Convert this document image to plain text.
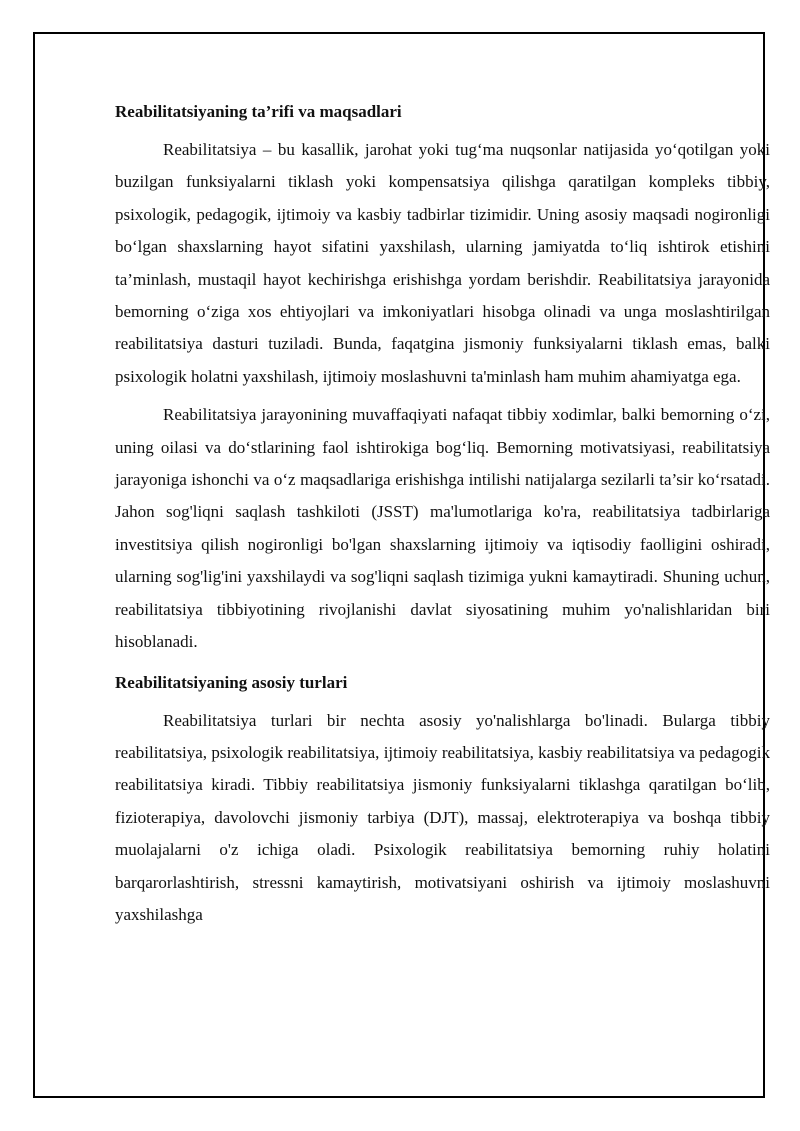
Reabilitatsiyaning ta’rifi va maqsadlari

Reabilitatsiya – bu kasallik, jarohat yoki tug‘ma nuqsonlar natijasida yo‘qotilgan yoki buzilgan funksiyalarni tiklash yoki kompensatsiya qilishga qaratilgan kompleks tibbiy, psixologik, pedagogik, ijtimoiy va kasbiy tadbirlar tizimidir. Uning asosiy maqsadi nogironligi bo‘lgan shaxslarning hayot sifatini yaxshilash, ularning jamiyatda to‘liq ishtirok etishini ta’minlash, mustaqil hayot kechirishga erishishga yordam berishdir. Reabilitatsiya jarayonida bemorning o‘ziga xos ehtiyojlari va imkoniyatlari hisobga olinadi va unga moslashtirilgan reabilitatsiya dasturi tuziladi. Bunda, faqatgina jismoniy funksiyalarni tiklash emas, balki psixologik holatni yaxshilash, ijtimoiy moslashuvni ta'minlash ham muhim ahamiyatga ega.

Reabilitatsiya jarayonining muvaffaqiyati nafaqat tibbiy xodimlar, balki bemorning o‘zi, uning oilasi va do‘stlarining faol ishtirokiga bog‘liq. Bemorning motivatsiyasi, reabilitatsiya jarayoniga ishonchi va o‘z maqsadlariga erishishga intilishi natijalarga sezilarli ta’sir ko‘rsatadi. Jahon sog'liqni saqlash tashkiloti (JSST) ma'lumotlariga ko'ra, reabilitatsiya tadbirlariga investitsiya qilish nogironligi bo'lgan shaxslarning ijtimoiy va iqtisodiy faolligini oshiradi, ularning sog'lig'ini yaxshilaydi va sog'liqni saqlash tizimiga yukni kamaytiradi. Shuning uchun, reabilitatsiya tibbiyotining rivojlanishi davlat siyosatining muhim yo'nalishlaridan biri hisoblanadi.

Reabilitatsiyaning asosiy turlari

Reabilitatsiya turlari bir nechta asosiy yo'nalishlarga bo'linadi. Bularga tibbiy reabilitatsiya, psixologik reabilitatsiya, ijtimoiy reabilitatsiya, kasbiy reabilitatsiya va pedagogik reabilitatsiya kiradi. Tibbiy reabilitatsiya jismoniy funksiyalarni tiklashga qaratilgan bo‘lib, fizioterapiya, davolovchi jismoniy tarbiya (DJT), massaj, elektroterapiya va boshqa tibbiy muolajalarni o'z ichiga oladi. Psixologik reabilitatsiya bemorning ruhiy holatini barqarorlashtirish, stressni kamaytirish, motivatsiyani oshirish va ijtimoiy moslashuvni yaxshilashga
